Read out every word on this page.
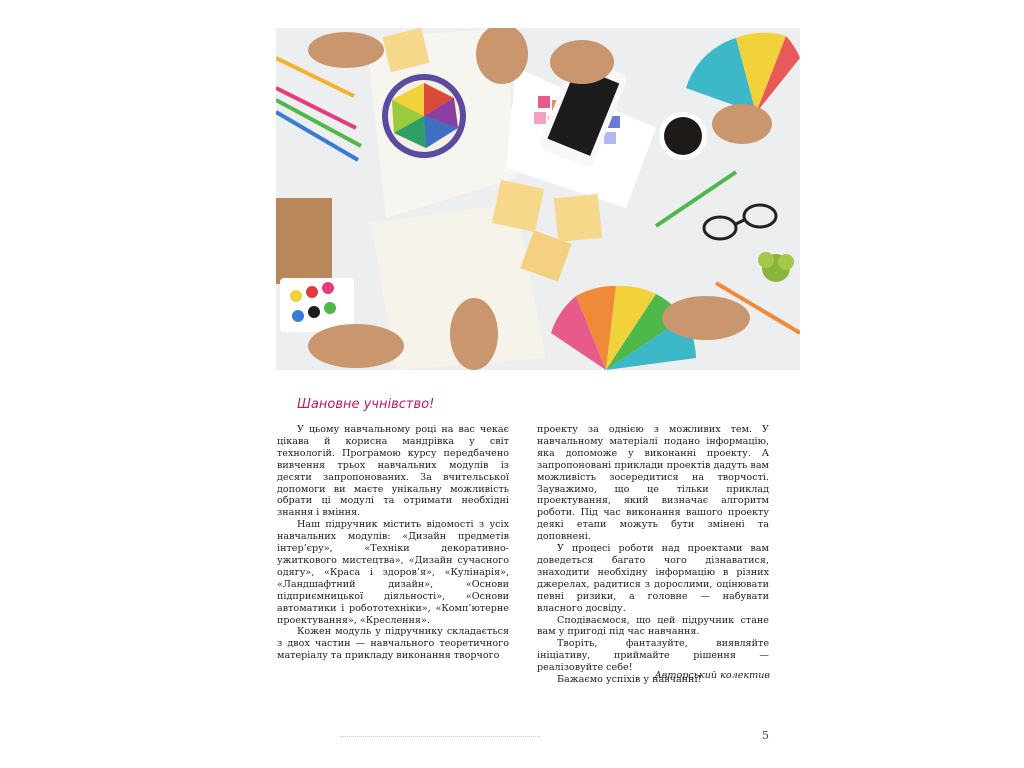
Шановне учнівство!

У цьому навчальному році на вас чекає цікава й корисна мандрівка у світ технологій. Програмою курсу передбачено вивчення трьох навчальних модулів із десяти запропонованих. За вчительської допомоги ви маєте унікальну можливість обрати ці модулі та отримати необхідні знання і вміння.

Наш підручник містить відомості з усіх навчальних модулів: «Дизайн предметів інтер’єру», «Техніки декоративно-ужиткового мистецтва», «Дизайн сучасного одягу», «Краса і здоров’я», «Кулінарія», «Ландшафтний дизайн», «Основи підприємницької діяльності», «Основи автоматики і робототехніки», «Комп’ютерне проектування», «Креслення».

Кожен модуль у підручнику складається з двох частин — навчального теоретичного матеріалу та прикладу виконання творчого

проекту за однією з можливих тем. У навчальному матеріалі подано інформацію, яка допоможе у виконанні проекту. А запропоновані приклади проектів дадуть вам можливість зосередитися на творчості. Зауважимо, що це тільки приклад проектування, який визначає алгоритм роботи. Під час виконання вашого проекту деякі етапи можуть бути змінені та доповнені.

У процесі роботи над проектами вам доведеться багато чого дізнаватися, знаходити необхідну інформацію в різних джерелах, радитися з дорослими, оцінювати певні ризики, а головне — набувати власного досвіду.

Сподіваємося, що цей підручник стане вам у пригоді під час навчання.

Творіть, фантазуйте, виявляйте ініціативу, приймайте рішення — реалізовуйте себе!

Бажаємо успіхів у навчанні!

Авторський колектив

5
